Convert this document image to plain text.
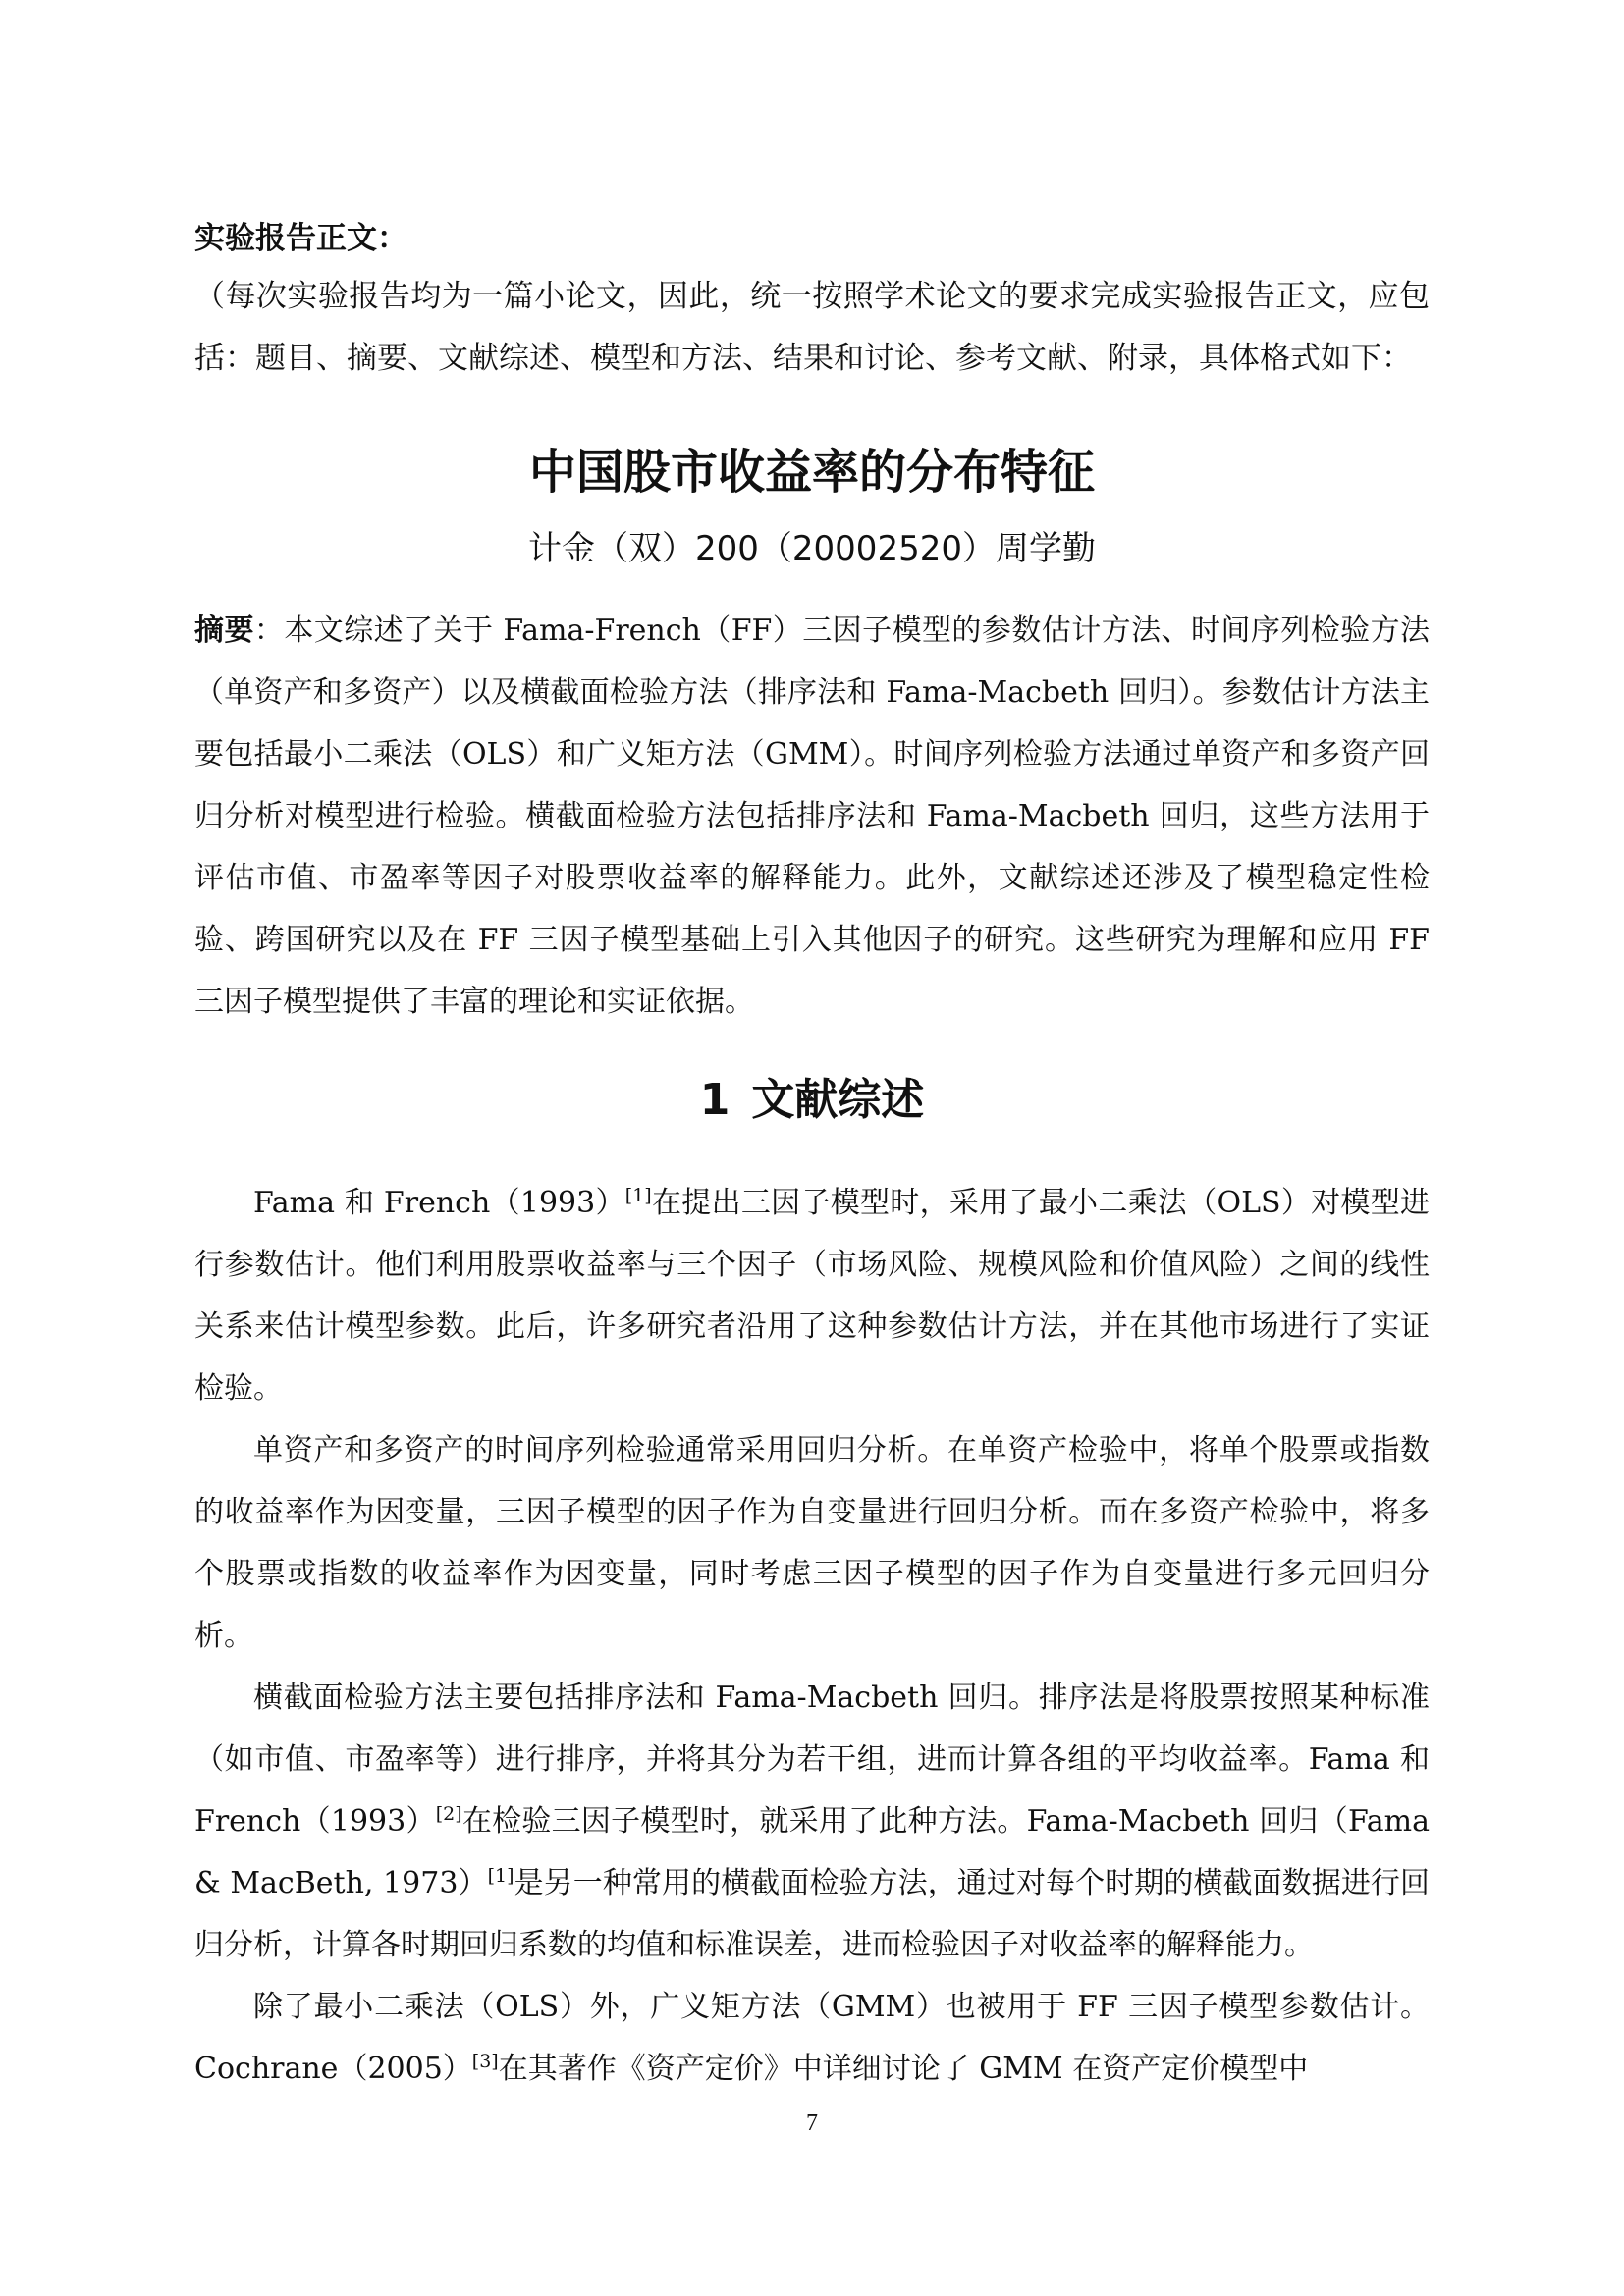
实验报告正文：

（每次实验报告均为一篇小论文，因此，统一按照学术论文的要求完成实验报告正文，应包括：题目、摘要、文献综述、模型和方法、结果和讨论、参考文献、附录，具体格式如下：

中国股市收益率的分布特征
计金（双）200（20002520）周学勤

摘要：本文综述了关于 Fama-French（FF）三因子模型的参数估计方法、时间序列检验方法（单资产和多资产）以及横截面检验方法（排序法和 Fama-Macbeth 回归）。参数估计方法主要包括最小二乘法（OLS）和广义矩方法（GMM）。时间序列检验方法通过单资产和多资产回归分析对模型进行检验。横截面检验方法包括排序法和 Fama-Macbeth 回归，这些方法用于评估市值、市盈率等因子对股票收益率的解释能力。此外，文献综述还涉及了模型稳定性检验、跨国研究以及在 FF 三因子模型基础上引入其他因子的研究。这些研究为理解和应用 FF 三因子模型提供了丰富的理论和实证依据。

1 文献综述

Fama 和 French（1993）[1]在提出三因子模型时，采用了最小二乘法（OLS）对模型进行参数估计。他们利用股票收益率与三个因子（市场风险、规模风险和价值风险）之间的线性关系来估计模型参数。此后，许多研究者沿用了这种参数估计方法，并在其他市场进行了实证检验。

单资产和多资产的时间序列检验通常采用回归分析。在单资产检验中，将单个股票或指数的收益率作为因变量，三因子模型的因子作为自变量进行回归分析。而在多资产检验中，将多个股票或指数的收益率作为因变量，同时考虑三因子模型的因子作为自变量进行多元回归分析。

横截面检验方法主要包括排序法和 Fama-Macbeth 回归。排序法是将股票按照某种标准（如市值、市盈率等）进行排序，并将其分为若干组，进而计算各组的平均收益率。Fama 和 French（1993）[2]在检验三因子模型时，就采用了此种方法。Fama-Macbeth 回归（Fama & MacBeth, 1973）[1]是另一种常用的横截面检验方法，通过对每个时期的横截面数据进行回归分析，计算各时期回归系数的均值和标准误差，进而检验因子对收益率的解释能力。

除了最小二乘法（OLS）外，广义矩方法（GMM）也被用于 FF 三因子模型参数估计。Cochrane（2005）[3]在其著作《资产定价》中详细讨论了 GMM 在资产定价模型中

7
